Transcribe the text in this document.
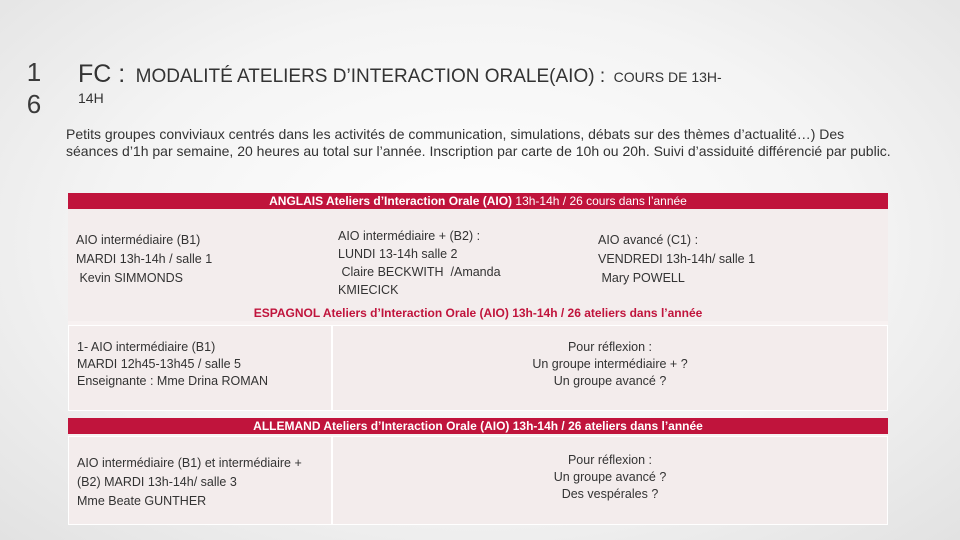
1
6
FC : MODALITÉ ATELIERS D’INTERACTION ORALE(AIO) : COURS DE 13H-
14H
Petits groupes conviviaux centrés dans les activités de communication, simulations, débats sur des thèmes d’actualité…) Des séances d’1h par semaine, 20 heures au total sur l’année. Inscription par carte de 10h ou 20h. Suivi d’assiduité différencié par public.
ANGLAIS Ateliers d’Interaction Orale (AIO) 13h-14h / 26 cours dans l’année
AIO intermédiaire (B1)
MARDI 13h-14h / salle 1
Kevin SIMMONDS
AIO intermédiaire + (B2) :
LUNDI 13-14h salle 2
Claire BECKWITH  /Amanda
KMIECICK
AIO avancé (C1) :
VENDREDI 13h-14h/ salle 1
Mary POWELL
ESPAGNOL Ateliers d’Interaction Orale (AIO) 13h-14h / 26 ateliers dans l’année
1- AIO intermédiaire (B1)
MARDI 12h45-13h45 / salle 5
Enseignante : Mme Drina ROMAN
Pour réflexion :
Un groupe intermédiaire + ?
Un groupe avancé ?
ALLEMAND Ateliers d’Interaction Orale (AIO) 13h-14h / 26 ateliers dans l’année
AIO intermédiaire (B1) et intermédiaire +
(B2) MARDI 13h-14h/ salle 3
Mme Beate GUNTHER
Pour réflexion :
Un groupe avancé ?
Des vespérales ?
